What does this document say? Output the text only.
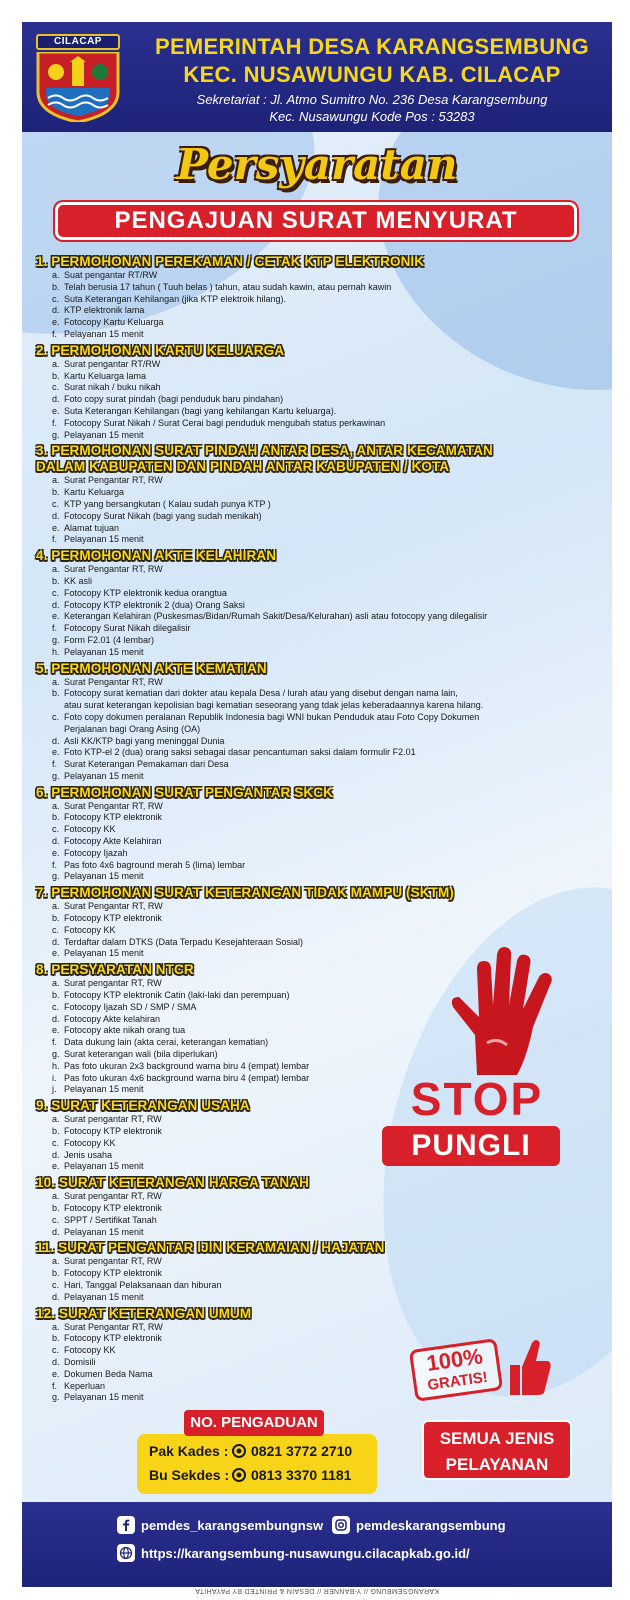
CILACAP	PEMERINTAH DESA KARANGSEMBUNG
KEC. NUSAWUNGU KAB. CILACAP
Sekretariat : Jl. Atmo Sumitro No. 236 Desa Karangsembung
Kec. Nusawungu Kode Pos : 53283
Persyaratan
PENGAJUAN SURAT MENYURAT
1. PERMOHONAN PEREKAMAN / CETAK KTP ELEKTRONIK
a. Suat pengantar RT/RW
b. Telah berusia 17 tahun ( Tuuh belas ) tahun, atau sudah kawin, atau pernah kawin
c. Suta Keterangan Kehilangan (jika KTP elektroik hilang).
d. KTP elektronik lama
e. Fotocopy Kartu Keluarga
f. Pelayanan 15 menit
2. PERMOHONAN KARTU KELUARGA
a. Surat pengantar RT/RW
b. Kartu Keluarga lama
c. Surat nikah / buku nikah
d. Foto copy surat pindah (bagi penduduk baru pindahan)
e. Suta Keterangan Kehilangan (bagi yang kehilangan Kartu keluarga).
f. Fotocopy Surat Nikah / Surat Cerai bagi penduduk mengubah status perkawinan
g. Pelayanan 15 menit
3. PERMOHONAN SURAT PINDAH ANTAR DESA, ANTAR KECAMATAN
DALAM KABUPATEN DAN PINDAH ANTAR KABUPATEN / KOTA
a. Surat Pengantar RT, RW
b. Kartu Keluarga
c. KTP yang bersangkutan ( Kalau sudah punya KTP )
d. Fotocopy Surat Nikah (bagi yang sudah menikah)
e. Alamat tujuan
f. Pelayanan 15 menit
4. PERMOHONAN AKTE KELAHIRAN
a. Surat Pengantar RT, RW
b. KK asli
c. Fotocopy KTP elektronik kedua orangtua
d. Fotocopy KTP elektronik 2 (dua) Orang Saksi
e. Keterangan Kelahiran (Puskesmas/Bidan/Rumah Sakit/Desa/Kelurahan) asli atau fotocopy yang dilegalisir
f. Fotocopy Surat Nikah dilegalisir
g. Form F2.01 (4 lembar)
h. Pelayanan 15 menit
5. PERMOHONAN AKTE KEMATIAN
a. Surat Pengantar RT, RW
b. Fotocopy surat kematian dari dokter atau kepala Desa / lurah atau yang disebut dengan nama lain,
atau surat keterangan kepolisian bagi kematian seseorang yang tdak jelas keberadaannya karena hilang.
c. Foto copy dokumen peralanan Republik Indonesia bagi WNI bukan Penduduk atau Foto Copy Dokumen
Perjalanan bagi Orang Asing (OA)
d. Asli KK/KTP bagi yang meninggal Dunia
e. Foto KTP-el 2 (dua) orang saksi sebagai dasar pencantuman saksi dalam formulir F2.01
f. Surat Keterangan Pemakaman dari Desa
g. Pelayanan 15 menit
6. PERMOHONAN SURAT PENGANTAR SKCK
a. Surat Pengantar RT, RW
b. Fotocopy KTP elektronik
c. Fotocopy KK
d. Fotocopy Akte Kelahiran
e. Fotocopy Ijazah
f. Pas foto 4x6 baground merah 5 (lima) lembar
g. Pelayanan 15 menit
7. PERMOHONAN SURAT KETERANGAN TIDAK MAMPU (SKTM)
a. Surat Pengantar RT, RW
b. Fotocopy KTP elektronik
c. Fotocopy KK
d. Terdaftar dalam DTKS (Data Terpadu Kesejahteraan Sosial)
e. Pelayanan 15 menit
8. PERSYARATAN NTCR
a. Surat pengantar RT, RW
b. Fotocopy KTP elektronik Catin (laki-laki dan perempuan)
c. Fotocopy Ijazah SD / SMP / SMA
d. Fotocopy Akte kelahiran
e. Fotocopy akte nikah orang tua
f. Data dukung lain (akta cerai, keterangan kematian)
g. Surat keterangan wali (bila diperlukan)
h. Pas foto ukuran 2x3 background warna biru 4 (empat) lembar
i. Pas foto ukuran 4x6 background warna biru 4 (empat) lembar
j. Pelayanan 15 menit
9. SURAT KETERANGAN USAHA
a. Surat pengantar RT, RW
b. Fotocopy KTP elektronik
c. Fotocopy KK
d. Jenis usaha
e. Pelayanan 15 menit
10. SURAT KETERANGAN HARGA TANAH
a. Surat pengantar RT, RW
b. Fotocopy KTP elektronik
c. SPPT / Sertifikat Tanah
d. Pelayanan 15 menit
11. SURAT PENGANTAR IJIN KERAMAIAN / HAJATAN
a. Surat pengantar RT, RW
b. Fotocopy KTP elektronik
c. Hari, Tanggal Pelaksanaan dan hiburan
d. Pelayanan 15 menit
12. SURAT KETERANGAN UMUM
a. Surat Pengantar RT, RW
b. Fotocopy KTP elektronik
c. Fotocopy KK
d. Domisili
e. Dokumen Beda Nama
f. Keperluan
g. Pelayanan 15 menit
STOP
PUNGLI
100%
GRATIS!
SEMUA JENIS
PELAYANAN
Pak Kades : 0821 3772 2710
Bu Sekdes : 0813 3370 1181
NO. PENGADUAN
pemdes_karangsembungnsw	pemdeskarangsembung
https://karangsembung-nusawungu.cilacapkab.go.id/
KARANGSEMBUNG // Y-BANNER // DESAIN & PRINTED BY PAYAHITA
